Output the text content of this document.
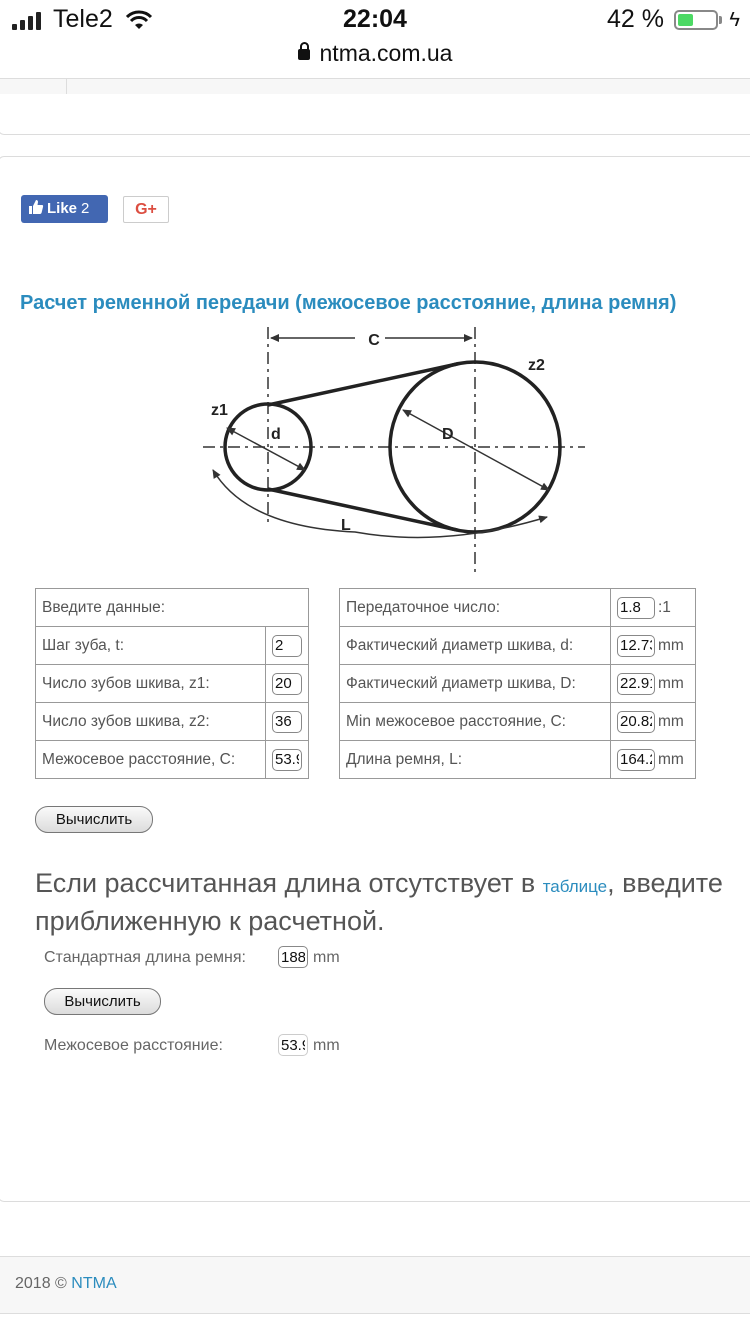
Tele2	22:04	42 %	ϟ
ntma.com.ua
Like 2	G+
Расчет ременной передачи (межосевое расстояние, длина ремня)
C
z1
z2
d	D
L
Введите данные:	
Шаг зуба, t:	2
Число зубов шкива, z1:	20
Число зубов шкива, z2:	36
Межосевое расстояние, C:	53.9
Передаточное число:	1.8:1
Фактический диаметр шкива, d:	12.73mm
Фактический диаметр шкива, D:	22.91mm
Min межосевое расстояние, C:	20.82mm
Длина ремня, L:	164.2mm
Вычислить
Если рассчитанная длина отсутствует в таблице, введите
приближенную к расчетной.
Стандартная длина ремня:
188	mm
Вычислить
Межосевое расстояние:
53.9	mm
2018 © NTMA
